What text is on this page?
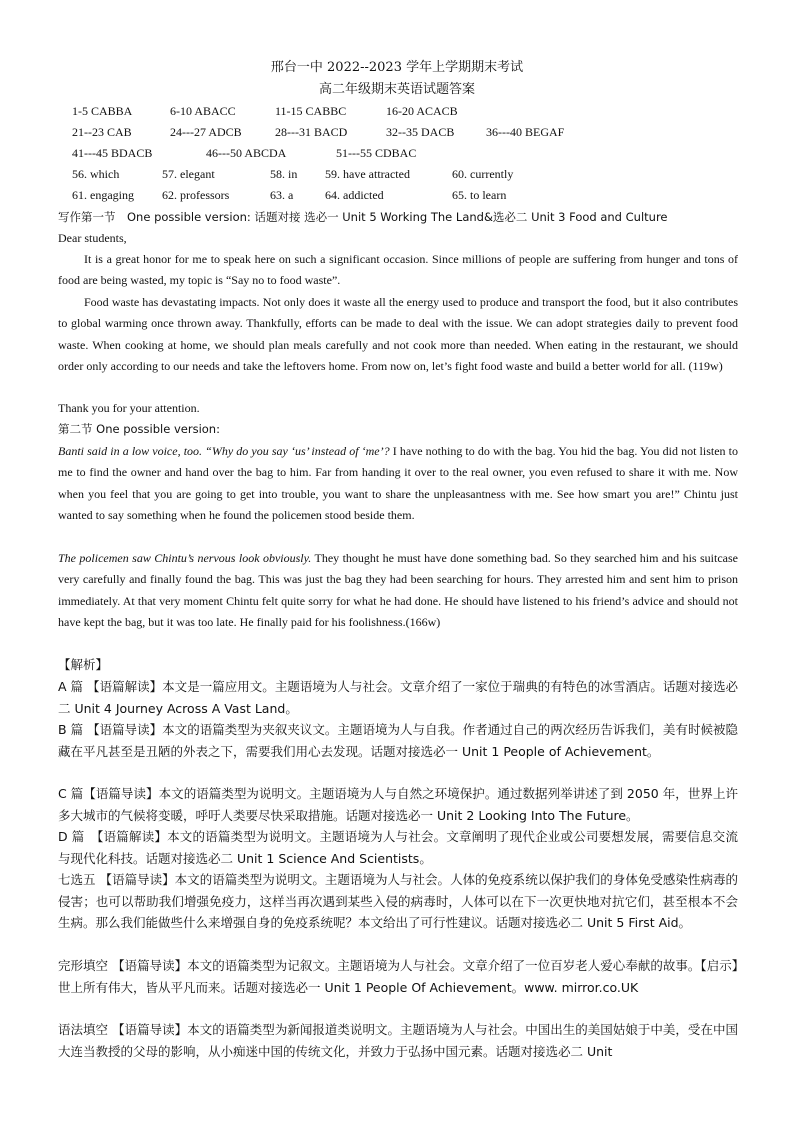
邢台一中 2022--2023 学年上学期期末考试
高二年级期末英语试题答案
1-5 CABBA	6-10 ABACC	11-15 CABBC	16-20 ACACB
21--23 CAB	24---27 ADCB	28---31 BACD	32--35 DACB	36---40 BEGAF
41---45 BDACB	46---50 ABCDA	51---55 CDBAC
56. which	57. elegant	58. in 59. have attracted	60. currently
61. engaging 62. professors	63. a	64. addicted	65. to learn
写作第一节　One possible version: 话题对接 选必一 Unit 5 Working The Land&选必二 Unit 3 Food and Culture
Dear students,
It is a great honor for me to speak here on such a significant occasion. Since millions of people are suffering from hunger and tons of food are being wasted, my topic is “Say no to food waste”.
Food waste has devastating impacts. Not only does it waste all the energy used to produce and transport the food, but it also contributes to global warming once thrown away. Thankfully, efforts can be made to deal with the issue. We can adopt strategies daily to prevent food waste. When cooking at home, we should plan meals carefully and not cook more than needed. When eating in the restaurant, we should order only according to our needs and take the leftovers home. From now on, let’s fight food waste and build a better world for all. (119w)
Thank you for your attention.
第二节 One possible version:
Banti said in a low voice, too. “Why do you say ‘us’ instead of ‘me’? I have nothing to do with the bag. You hid the bag. You did not listen to me to find the owner and hand over the bag to him. Far from handing it over to the real owner, you even refused to share it with me. Now when you feel that you are going to get into trouble, you want to share the unpleasantness with me. See how smart you are!” Chintu just wanted to say something when he found the policemen stood beside them.
The policemen saw Chintu’s nervous look obviously. They thought he must have done something bad. So they searched him and his suitcase very carefully and finally found the bag. This was just the bag they had been searching for hours. They arrested him and sent him to prison immediately. At that very moment Chintu felt quite sorry for what he had done. He should have listened to his friend’s advice and should not have kept the bag, but it was too late. He finally paid for his foolishness.(166w)
【解析】
A 篇 【语篇解读】本文是一篇应用文。主题语境为人与社会。文章介绍了一家位于瑞典的有特色的冰雪酒店。话题对接选必二 Unit 4 Journey Across A Vast Land。
B 篇 【语篇导读】本文的语篇类型为夹叙夹议文。主题语境为人与自我。作者通过自己的两次经历告诉我们，美有时候被隐藏在平凡甚至是丑陋的外表之下，需要我们用心去发现。话题对接选必一 Unit 1 People of Achievement。
C 篇【语篇导读】本文的语篇类型为说明文。主题语境为人与自然之环境保护。通过数据列举讲述了到 2050 年，世界上许多大城市的气候将变暖，呼吁人类要尽快采取措施。话题对接选必一 Unit 2 Looking Into The Future。
D 篇　【语篇解读】本文的语篇类型为说明文。主题语境为人与社会。文章阐明了现代企业或公司要想发展，需要信息交流与现代化科技。话题对接选必二 Unit 1 Science And Scientists。
七选五 【语篇导读】本文的语篇类型为说明文。主题语境为人与社会。人体的免疫系统以保护我们的身体免受感染性病毒的侵害；也可以帮助我们增强免疫力，这样当再次遇到某些入侵的病毒时，人体可以在下一次更快地对抗它们，甚至根本不会生病。那么我们能做些什么来增强自身的免疫系统呢？本文给出了可行性建议。话题对接选必二 Unit 5 First Aid。
完形填空 【语篇导读】本文的语篇类型为记叙文。主题语境为人与社会。文章介绍了一位百岁老人爱心奉献的故事。【启示】世上所有伟大，皆从平凡而来。话题对接选必一 Unit 1 People Of Achievement。www. mirror.co.UK
语法填空 【语篇导读】本文的语篇类型为新闻报道类说明文。主题语境为人与社会。中国出生的美国姑娘于中美，受在中国大连当教授的父母的影响，从小痴迷中国的传统文化，并致力于弘扬中国元素。话题对接选必二 Unit
